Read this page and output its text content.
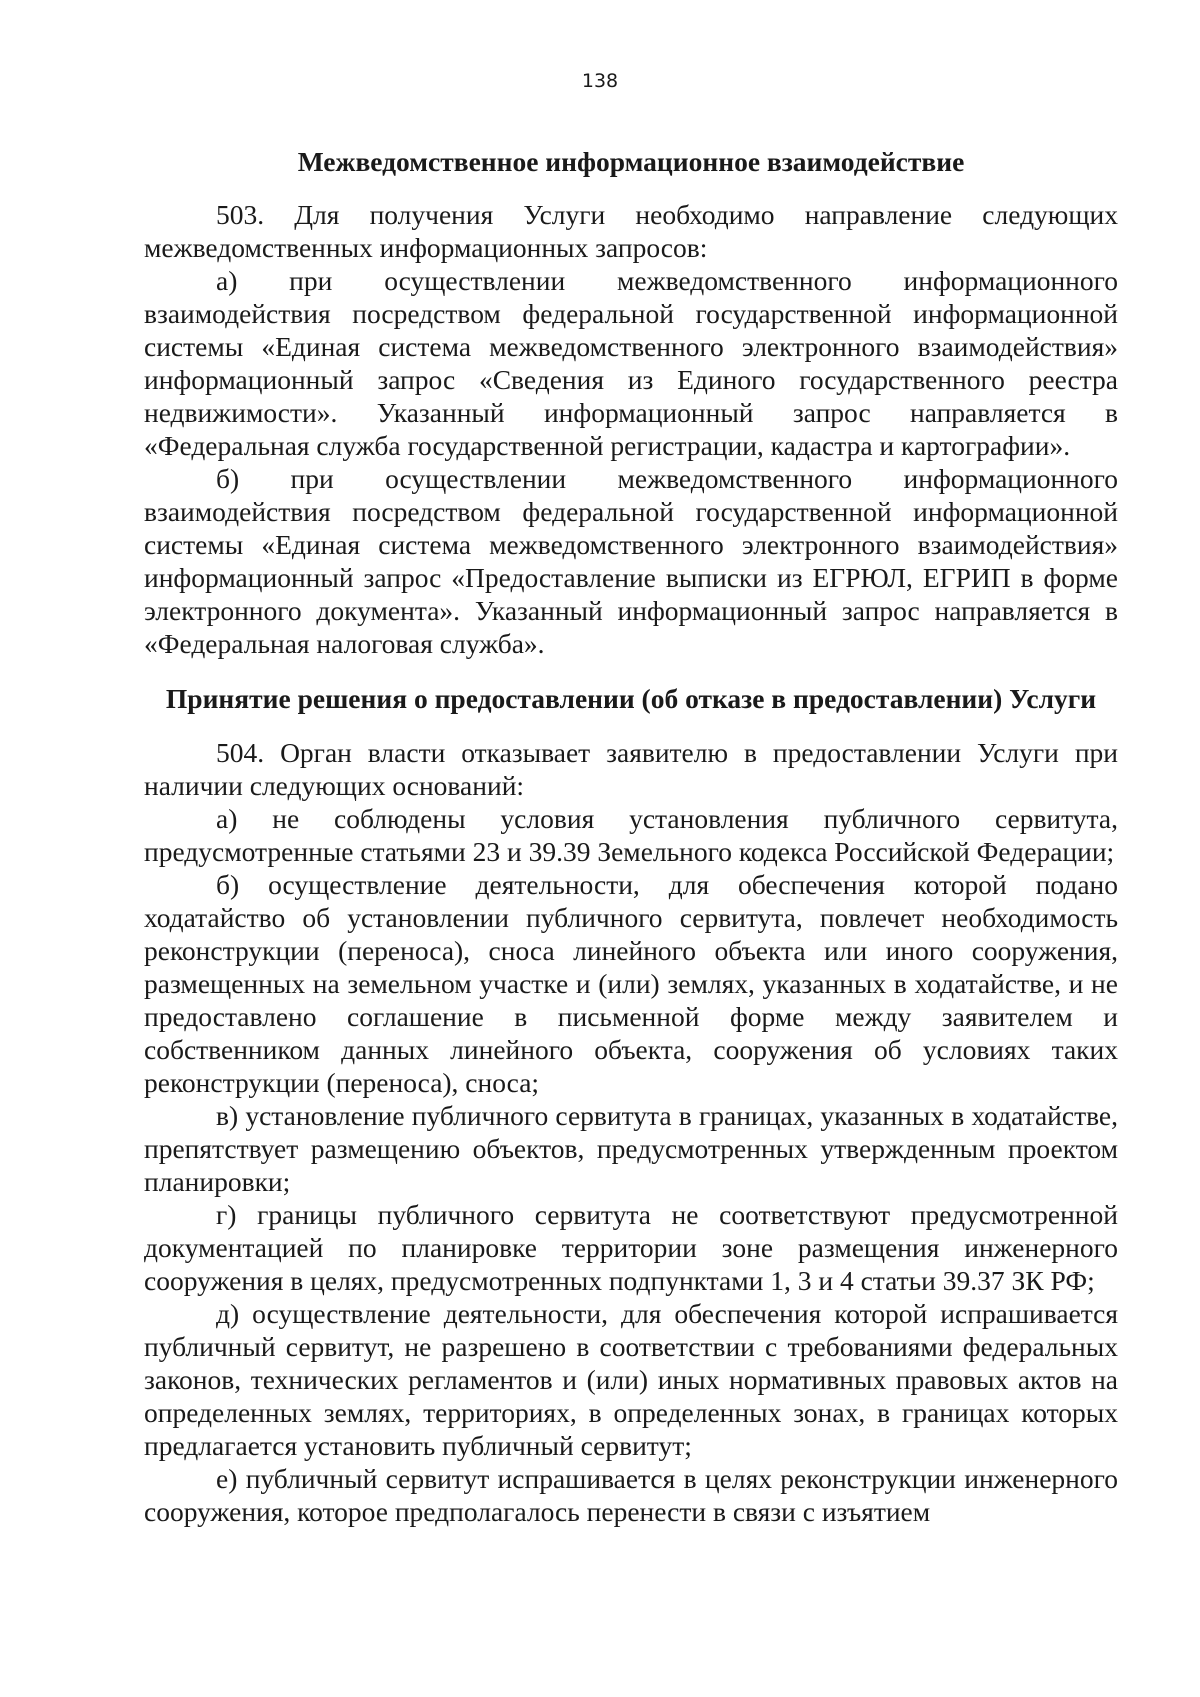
138
Межведомственное информационное взаимодействие

503. Для получения Услуги необходимо направление следующих межведомственных информационных запросов:

а) при осуществлении межведомственного информационного взаимодействия посредством федеральной государственной информационной системы «Единая система межведомственного электронного взаимодействия» информационный запрос «Сведения из Единого государственного реестра недвижимости». Указанный информационный запрос направляется в «Федеральная служба государственной регистрации, кадастра и картографии».

б) при осуществлении межведомственного информационного взаимодействия посредством федеральной государственной информационной системы «Единая система межведомственного электронного взаимодействия» информационный запрос «Предоставление выписки из ЕГРЮЛ, ЕГРИП в форме электронного документа». Указанный информационный запрос направляется в «Федеральная налоговая служба».

Принятие решения о предоставлении (об отказе в предоставлении) Услуги

504. Орган власти отказывает заявителю в предоставлении Услуги при наличии следующих оснований:

а) не соблюдены условия установления публичного сервитута, предусмотренные статьями 23 и 39.39 Земельного кодекса Российской Федерации;

б) осуществление деятельности, для обеспечения которой подано ходатайство об установлении публичного сервитута, повлечет необходимость реконструкции (переноса), сноса линейного объекта или иного сооружения, размещенных на земельном участке и (или) землях, указанных в ходатайстве, и не предоставлено соглашение в письменной форме между заявителем и собственником данных линейного объекта, сооружения об условиях таких реконструкции (переноса), сноса;

в) установление публичного сервитута в границах, указанных в ходатайстве, препятствует размещению объектов, предусмотренных утвержденным проектом планировки;

г) границы публичного сервитута не соответствуют предусмотренной документацией по планировке территории зоне размещения инженерного сооружения в целях, предусмотренных подпунктами 1, 3 и 4 статьи 39.37 ЗК РФ;

д) осуществление деятельности, для обеспечения которой испрашивается публичный сервитут, не разрешено в соответствии с требованиями федеральных законов, технических регламентов и (или) иных нормативных правовых актов на определенных землях, территориях, в определенных зонах, в границах которых предлагается установить публичный сервитут;

е) публичный сервитут испрашивается в целях реконструкции инженерного сооружения, которое предполагалось перенести в связи с изъятием
